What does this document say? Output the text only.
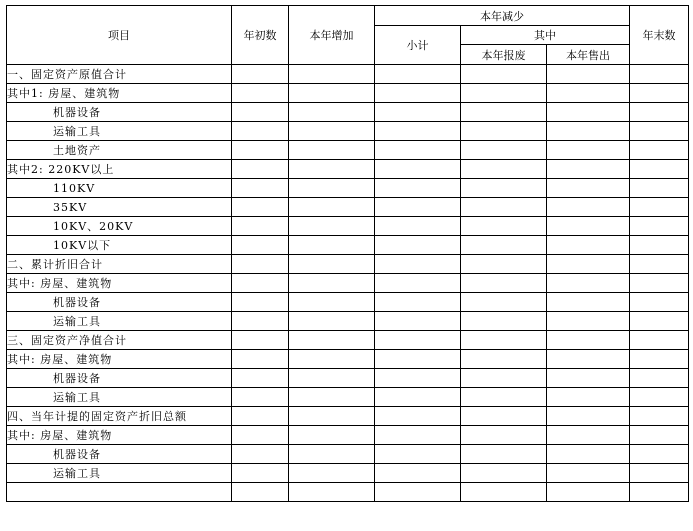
项目	年初数	本年增加	本年减少			年末数
			小计	其中		
				本年报废	本年售出	
一、固定资产原值合计						
其中1: 房屋、建筑物						
机器设备						
运输工具						
土地资产						
其中2: 220KV以上						
110KV						
35KV						
10KV、20KV						
10KV以下						
二、累计折旧合计						
其中: 房屋、建筑物						
机器设备						
运输工具						
三、固定资产净值合计						
其中: 房屋、建筑物						
机器设备						
运输工具						
四、当年计提的固定资产折旧总额						
其中: 房屋、建筑物						
机器设备						
运输工具						
